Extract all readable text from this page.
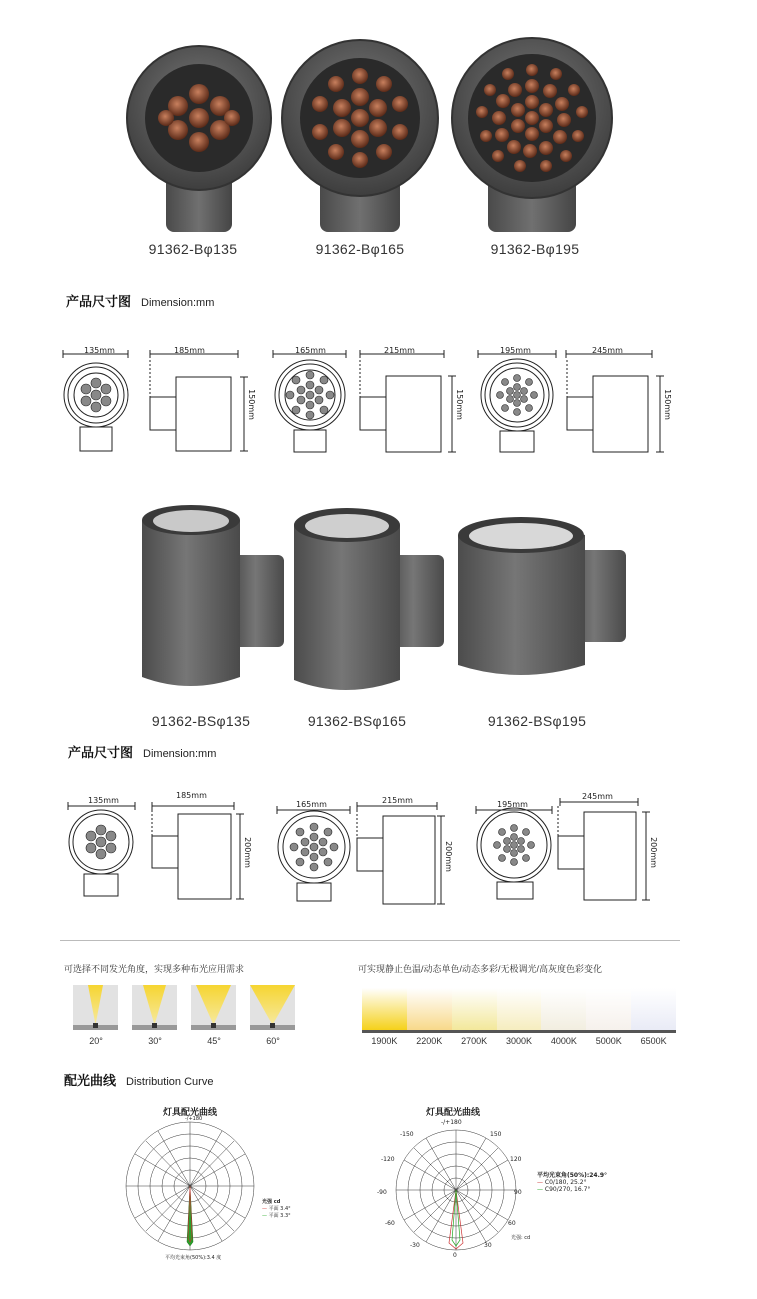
91362-Bφ135	91362-Bφ165	91362-Bφ195
产品尺寸图 Dimension:mm
135mm	185mm
150mm
165mm	215mm
150mm
195mm	245mm
150mm
91362-BSφ135	91362-BSφ165	91362-BSφ195
产品尺寸图 Dimension:mm
135mm
185mm
200mm
165mm	215mm
200mm
195mm
245mm
200mm
可选择不同发光角度，实现多种布光应用需求
20°	30°	45°	60°
可实现静止色温/动态单色/动态多彩/无极调光/高灰度色彩变化
1900K	2200K	2700K	3000K	4000K	5000K	6500K
配光曲线 Distribution Curve
灯具配光曲线
-/+180
光强 cd
— 平面 3.4°
— 平面 3.3°
平均光束角(50%):3.4 度
灯具配光曲线
-/+180
-150
-120
-90
-60
-30
150
120
90
60
30
0
平均光束角(50%):24.9°
— C0/180, 25.2°
— C90/270, 16.7°
光强: cd
